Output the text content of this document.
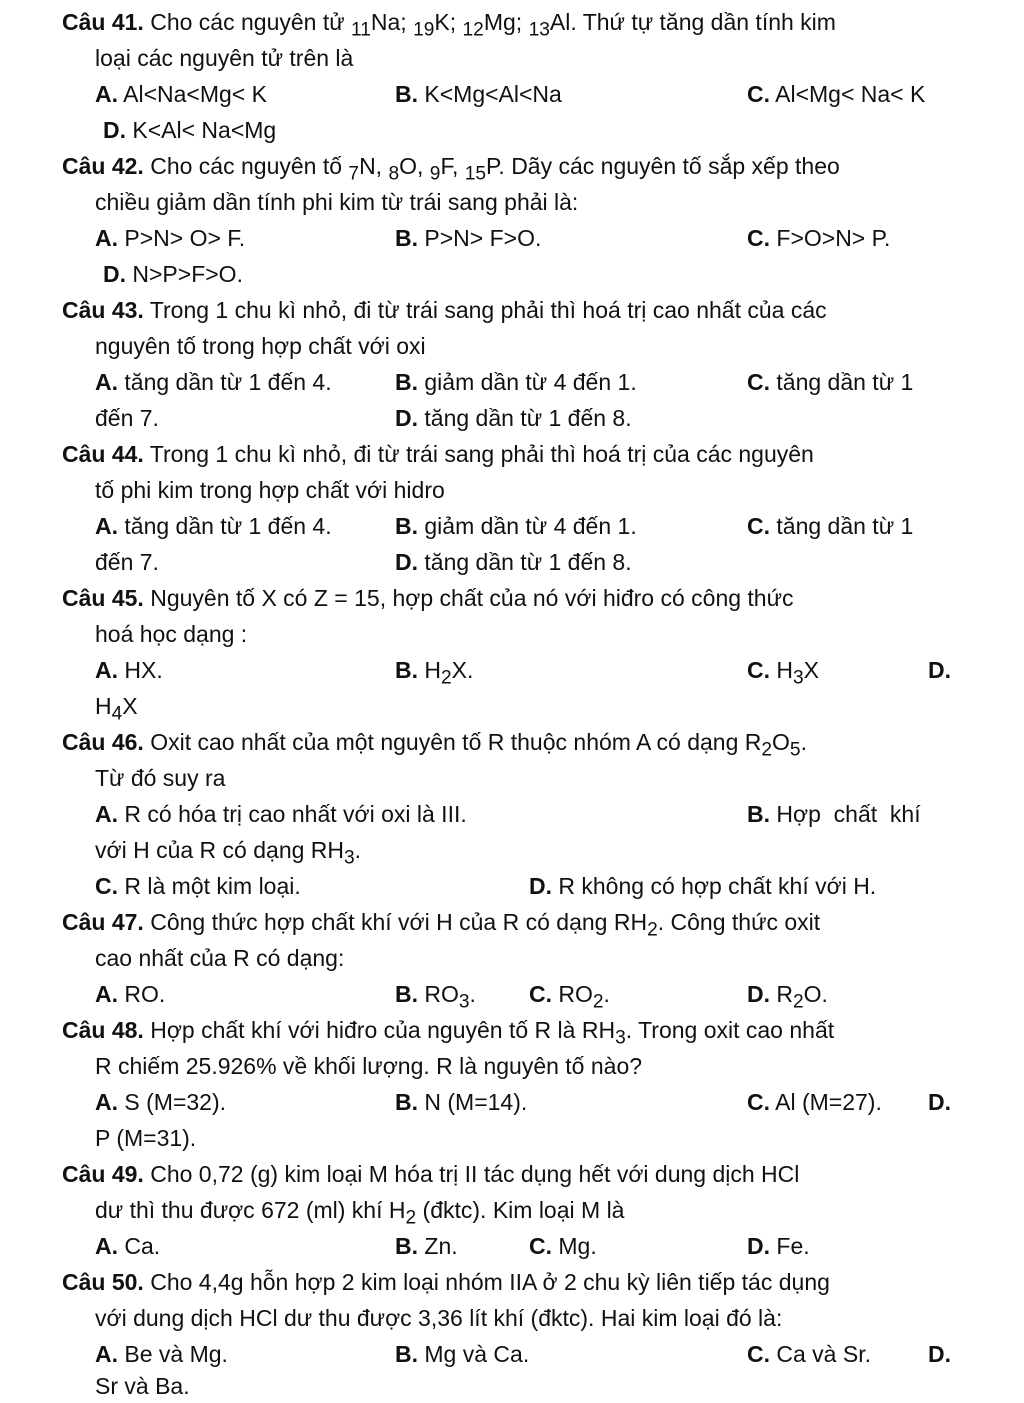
Câu 41. Cho các nguyên tử $_{11}$Na; $_{19}$K; $_{12}$Mg; $_{13}$Al. Thứ tự tăng dần tính kim
loại các nguyên tử trên là
A. Al<Na<Mg< K	B. K<Mg<Al<Na	C. Al<Mg< Na< K
D. K<Al< Na<Mg
Câu 42. Cho các nguyên tố $_7$N, $_8$O, $_9$F, $_{15}$P. Dãy các nguyên tố sắp xếp theo
chiều giảm dần tính phi kim từ trái sang phải là:
A. P>N> O> F.	B. P>N> F>O.	C. F>O>N> P.
D. N>P>F>O.
Câu 43. Trong 1 chu kì nhỏ, đi từ trái sang phải thì hoá trị cao nhất của các
nguyên tố trong hợp chất với oxi
A. tăng dần từ 1 đến 4.	B. giảm dần từ 4 đến 1.	C. tăng dần từ 1
đến 7.	D. tăng dần từ 1 đến 8.
Câu 44. Trong 1 chu kì nhỏ, đi từ trái sang phải thì hoá trị của các nguyên
tố phi kim trong hợp chất với hidro
A. tăng dần từ 1 đến 4.	B. giảm dần từ 4 đến 1.	C. tăng dần từ 1
đến 7.	D. tăng dần từ 1 đến 8.
Câu 45. Nguyên tố X có Z = 15, hợp chất của nó với hiđro có công thức
hoá học dạng :
A. HX.	B. $H_2X$.	C. $H_3X$	D.
$H_4X$
Câu 46. Oxit cao nhất của một nguyên tố R thuộc nhóm A có dạng $R_2O_5$.
Từ đó suy ra
A. R có hóa trị cao nhất với oxi là III.	B. Hợp  chất  khí
với H của R có dạng $RH_3$.
C. R là một kim loại.	D. R không có hợp chất khí với H.
Câu 47. Công thức hợp chất khí với H của R có dạng $RH_2$. Công thức oxit
cao nhất của R có dạng:
A. RO.	B. $RO_3$. C. $RO_2$.	D. $R_2O$.
Câu 48. Hợp chất khí với hiđro của nguyên tố R là $RH_3$. Trong oxit cao nhất
R chiếm 25.926% về khối lượng. R là nguyên tố nào?
A. S (M=32).	B. N (M=14).	C. Al (M=27). D.
P (M=31).
Câu 49. Cho 0,72 (g) kim loại M hóa trị II tác dụng hết với dung dịch HCl
dư thì thu được 672 (ml) khí $H_2$ (đktc). Kim loại M là
A. Ca.	B. Zn.	C. Mg.	D. Fe.
Câu 50. Cho 4,4g hỗn hợp 2 kim loại nhóm IIA ở 2 chu kỳ liên tiếp tác dụng
với dung dịch HCl dư thu được 3,36 lít khí (đktc). Hai kim loại đó là:
A. Be và Mg.	B. Mg và Ca.	C. Ca và Sr. D.
Sr và Ba.
